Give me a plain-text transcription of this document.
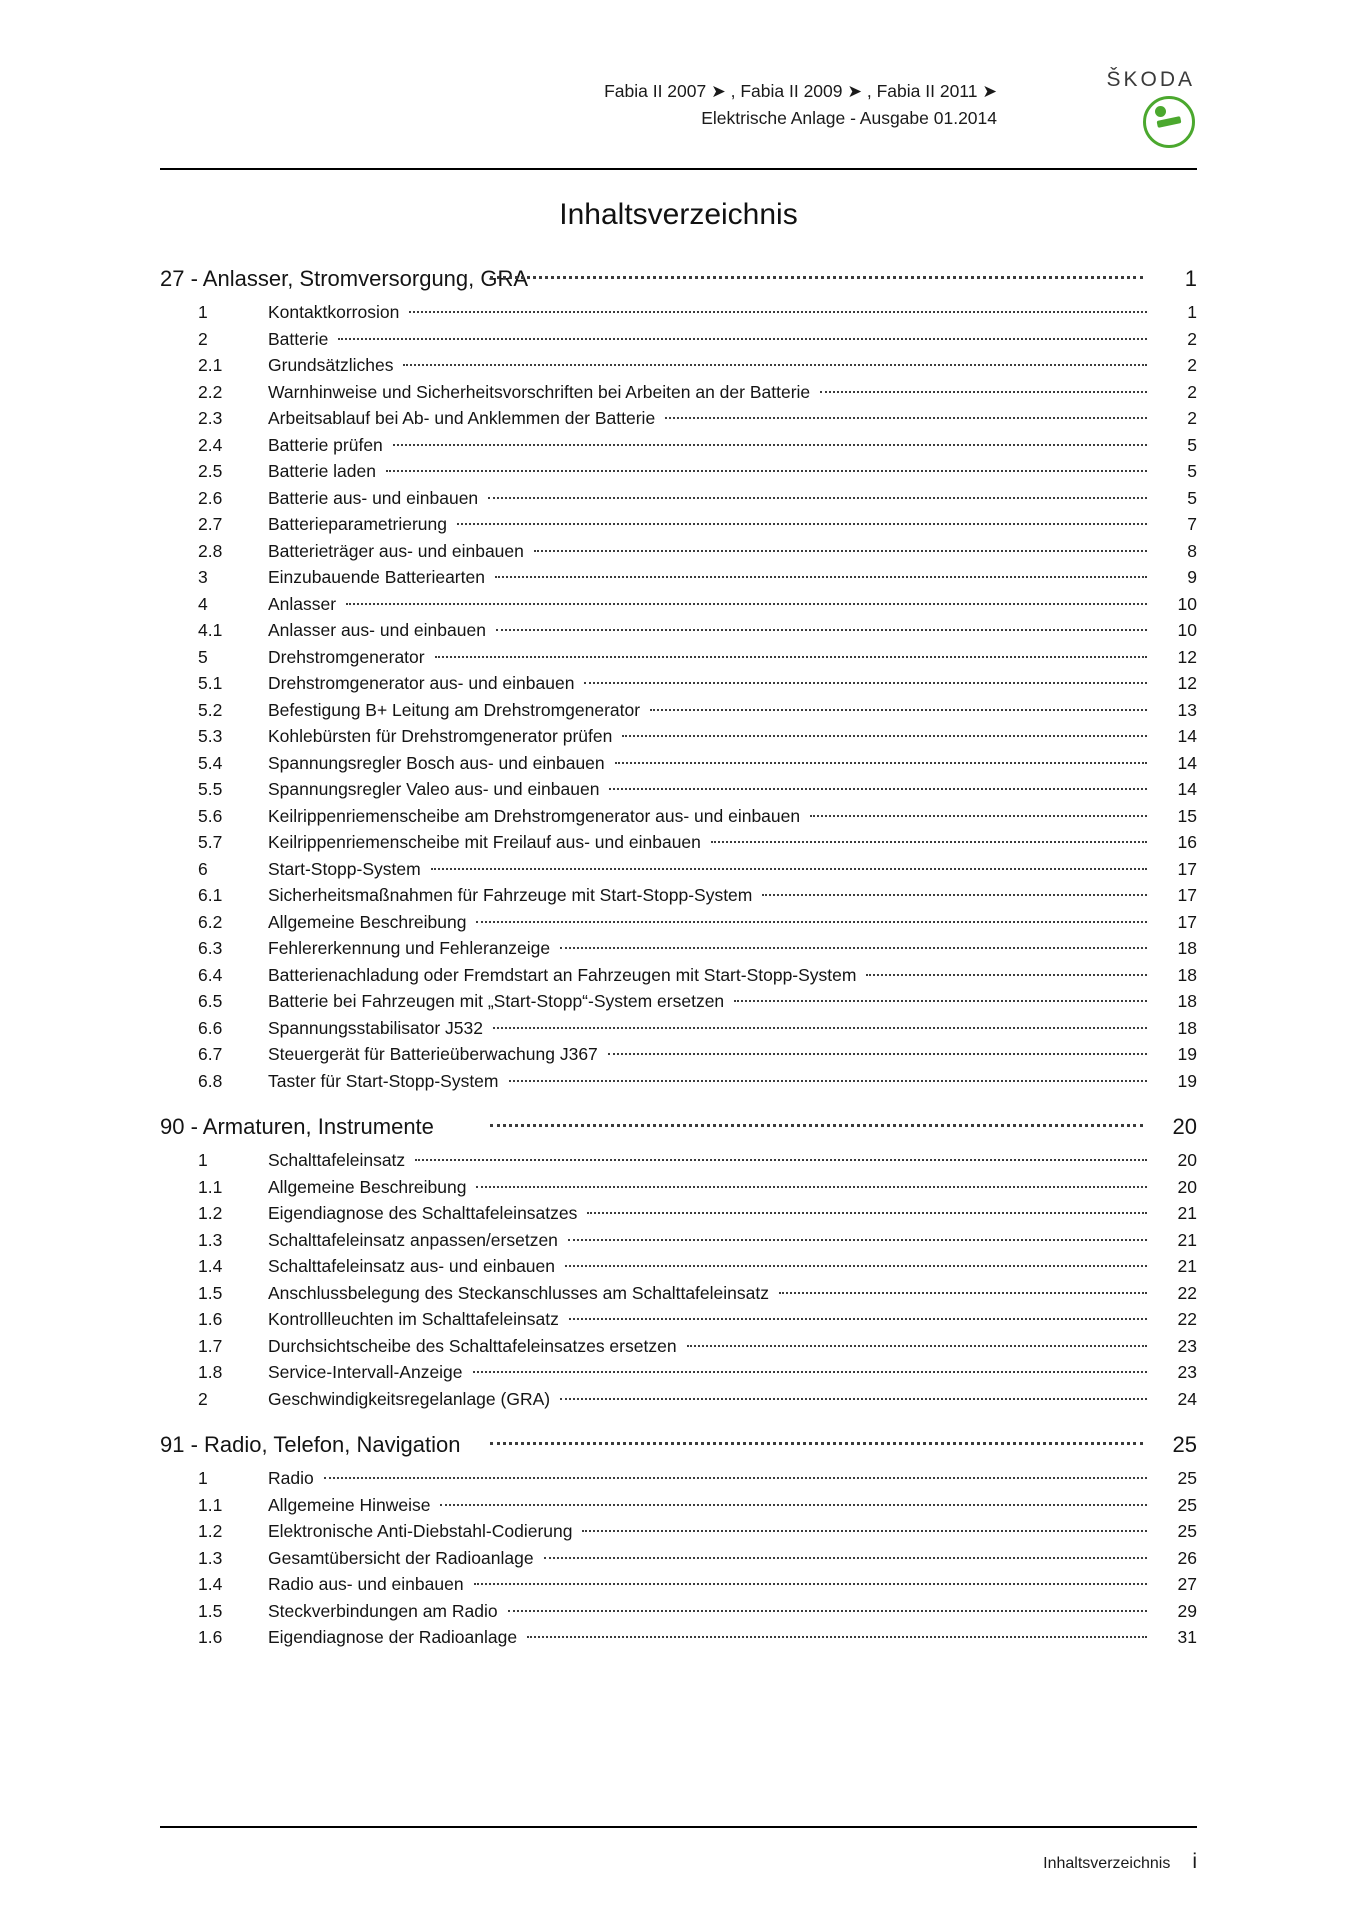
Fabia II 2007 ➤ , Fabia II 2009 ➤ , Fabia II 2011 ➤
Elektrische Anlage - Ausgabe 01.2014
ŠKODA
Inhaltsverzeichnis
27 - Anlasser, Stromversorgung, GRA	1
1	Kontaktkorrosion	1
2	Batterie	2
2.1	Grundsätzliches	2
2.2	Warnhinweise und Sicherheitsvorschriften bei Arbeiten an der Batterie	2
2.3	Arbeitsablauf bei Ab- und Anklemmen der Batterie	2
2.4	Batterie prüfen	5
2.5	Batterie laden	5
2.6	Batterie aus- und einbauen	5
2.7	Batterieparametrierung	7
2.8	Batterieträger aus- und einbauen	8
3	Einzubauende Batteriearten	9
4	Anlasser	10
4.1	Anlasser aus- und einbauen	10
5	Drehstromgenerator	12
5.1	Drehstromgenerator aus- und einbauen	12
5.2	Befestigung B+ Leitung am Drehstromgenerator	13
5.3	Kohlebürsten für Drehstromgenerator prüfen	14
5.4	Spannungsregler Bosch aus- und einbauen	14
5.5	Spannungsregler Valeo aus- und einbauen	14
5.6	Keilrippenriemenscheibe am Drehstromgenerator aus- und einbauen	15
5.7	Keilrippenriemenscheibe mit Freilauf aus- und einbauen	16
6	Start-Stopp-System	17
6.1	Sicherheitsmaßnahmen für Fahrzeuge mit Start-Stopp-System	17
6.2	Allgemeine Beschreibung	17
6.3	Fehlererkennung und Fehleranzeige	18
6.4	Batterienachladung oder Fremdstart an Fahrzeugen mit Start-Stopp-System	18
6.5	Batterie bei Fahrzeugen mit „Start-Stopp“-System ersetzen	18
6.6	Spannungsstabilisator J532	18
6.7	Steuergerät für Batterieüberwachung J367	19
6.8	Taster für Start-Stopp-System	19
90 - Armaturen, Instrumente	20
1	Schalttafeleinsatz	20
1.1	Allgemeine Beschreibung	20
1.2	Eigendiagnose des Schalttafeleinsatzes	21
1.3	Schalttafeleinsatz anpassen/ersetzen	21
1.4	Schalttafeleinsatz aus- und einbauen	21
1.5	Anschlussbelegung des Steckanschlusses am Schalttafeleinsatz	22
1.6	Kontrollleuchten im Schalttafeleinsatz	22
1.7	Durchsichtscheibe des Schalttafeleinsatzes ersetzen	23
1.8	Service-Intervall-Anzeige	23
2	Geschwindigkeitsregelanlage (GRA)	24
91 - Radio, Telefon, Navigation	25
1	Radio	25
1.1	Allgemeine Hinweise	25
1.2	Elektronische Anti-Diebstahl-Codierung	25
1.3	Gesamtübersicht der Radioanlage	26
1.4	Radio aus- und einbauen	27
1.5	Steckverbindungen am Radio	29
1.6	Eigendiagnose der Radioanlage	31
Inhaltsverzeichnis i
